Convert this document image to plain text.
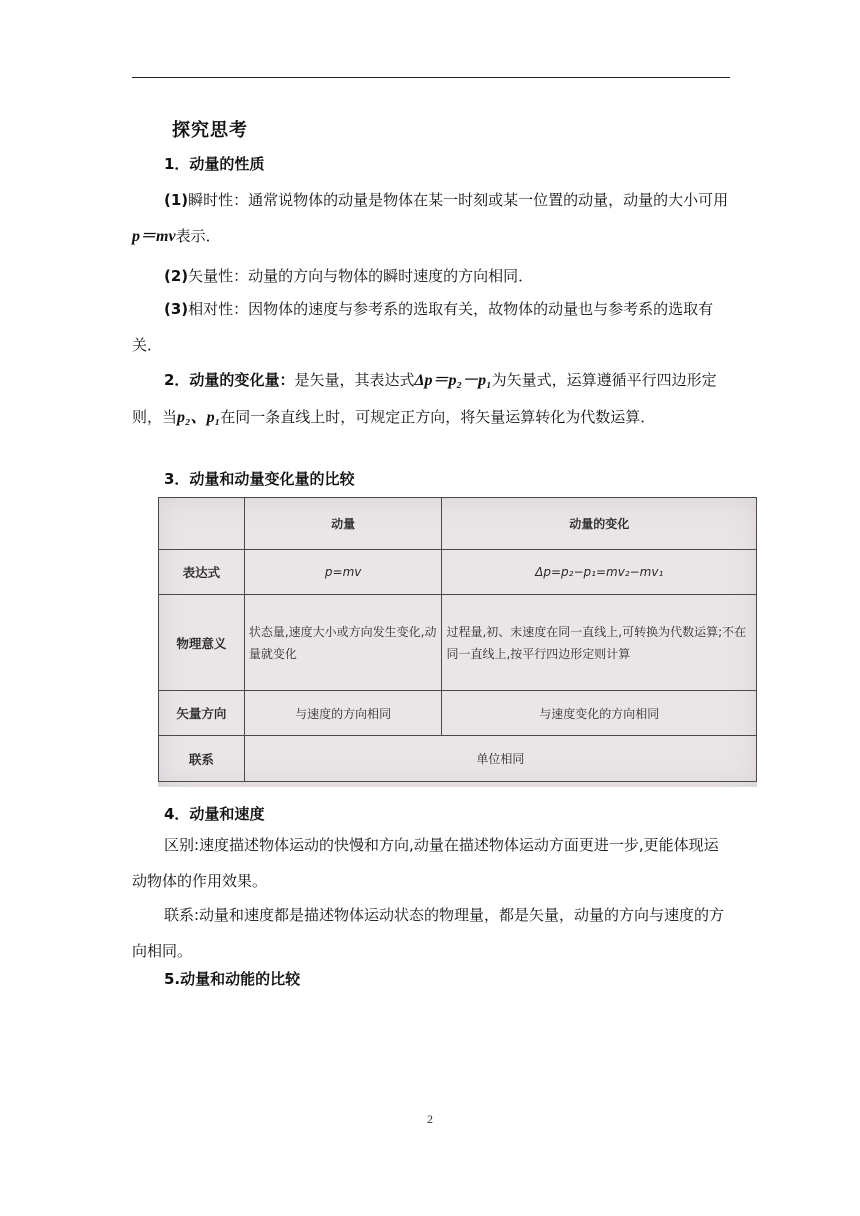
探究思考
1．动量的性质
(1)瞬时性：通常说物体的动量是物体在某一时刻或某一位置的动量，动量的大小可用p＝mv表示．
(2)矢量性：动量的方向与物体的瞬时速度的方向相同．
(3)相对性：因物体的速度与参考系的选取有关，故物体的动量也与参考系的选取有关．
2．动量的变化量：是矢量，其表达式Δp＝p₂－p₁为矢量式，运算遵循平行四边形定则，当p₂、p₁在同一条直线上时，可规定正方向，将矢量运算转化为代数运算．
3．动量和动量变化量的比较
	动量	动量的变化
表达式	p=mv	Δp=p₂−p₁=mv₂−mv₁
物理意义	状态量,速度大小或方向发生变化,动量就变化	过程量,初、末速度在同一直线上,可转换为代数运算;不在同一直线上,按平行四边形定则计算
矢量方向	与速度的方向相同	与速度变化的方向相同
联系	单位相同	
4．动量和速度
区别:速度描述物体运动的快慢和方向,动量在描述物体运动方面更进一步,更能体现运动物体的作用效果。
联系:动量和速度都是描述物体运动状态的物理量，都是矢量，动量的方向与速度的方向相同。
5.动量和动能的比较
2
